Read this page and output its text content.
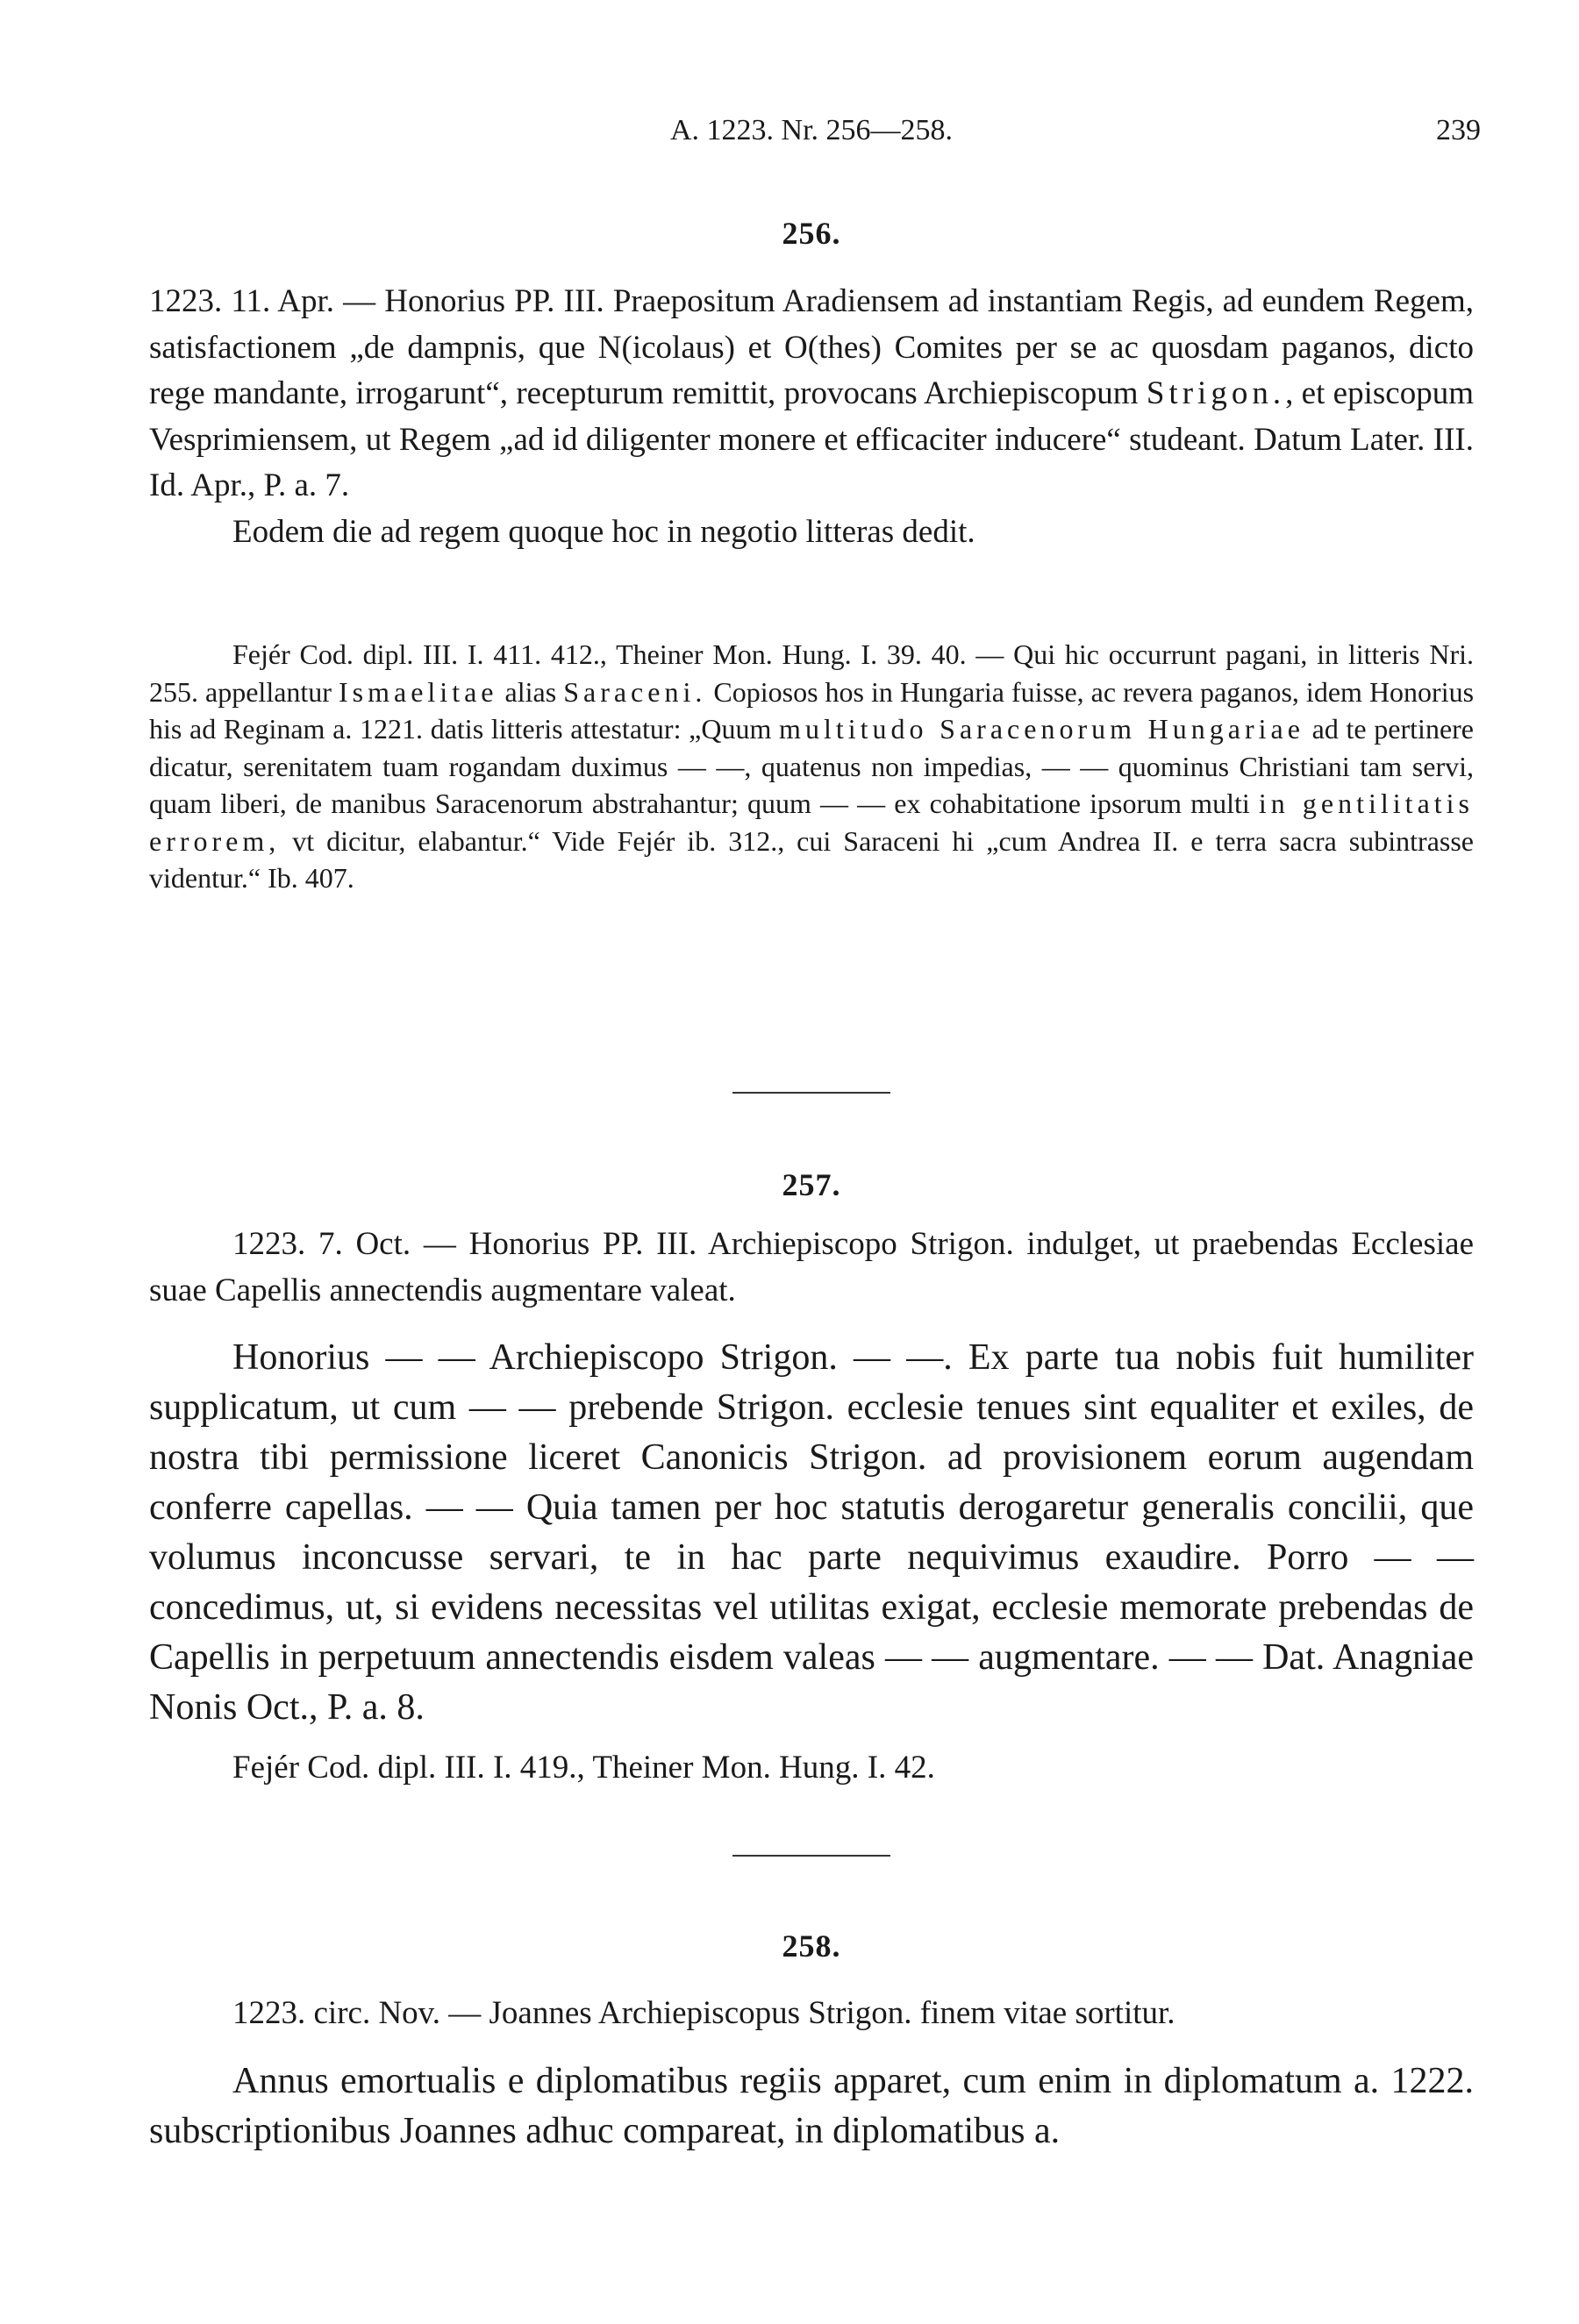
A. 1223. Nr. 256—258.	239
256.

1223. 11. Apr. — Honorius PP. III. Praepositum Aradiensem ad instantiam Regis, ad eundem Regem, satisfactionem „de dampnis, que N(icolaus) et O(thes) Comites per se ac quosdam paganos, dicto rege mandante, irrogarunt“, recepturum remittit, provocans Archiepiscopum Strigon., et episcopum Vesprimiensem, ut Regem „ad id diligenter monere et efficaciter inducere“ studeant. Datum Later. III. Id. Apr., P. a. 7.

Eodem die ad regem quoque hoc in negotio litteras dedit.

Fejér Cod. dipl. III. I. 411. 412., Theiner Mon. Hung. I. 39. 40. — Qui hic occurrunt pagani, in litteris Nri. 255. appellantur Ismaelitae alias Saraceni. Copiosos hos in Hungaria fuisse, ac revera paganos, idem Honorius his ad Reginam a. 1221. datis litteris attestatur: „Quum multitudo Saracenorum Hungariae ad te pertinere dicatur, serenitatem tuam rogandam duximus — —, quatenus non impedias, — — quominus Christiani tam servi, quam liberi, de manibus Saracenorum abstrahantur; quum — — ex cohabitatione ipsorum multi in gentilitatis errorem, vt dicitur, elabantur.“ Vide Fejér ib. 312., cui Saraceni hi „cum Andrea II. e terra sacra subintrasse videntur.“ Ib. 407.

257.

1223. 7. Oct. — Honorius PP. III. Archiepiscopo Strigon. indulget, ut praebendas Ecclesiae suae Capellis annectendis augmentare valeat.

Honorius — — Archiepiscopo Strigon. — —. Ex parte tua nobis fuit humiliter supplicatum, ut cum — — prebende Strigon. ecclesie tenues sint equaliter et exiles, de nostra tibi permissione liceret Canonicis Strigon. ad provisionem eorum augendam conferre capellas. — — Quia tamen per hoc statutis derogaretur generalis concilii, que volumus inconcusse servari, te in hac parte nequivimus exaudire. Porro — — concedimus, ut, si evidens necessitas vel utilitas exigat, ecclesie memorate prebendas de Capellis in perpetuum annectendis eisdem valeas — — augmentare. — — Dat. Anagniae Nonis Oct., P. a. 8.

Fejér Cod. dipl. III. I. 419., Theiner Mon. Hung. I. 42.

258.

1223. circ. Nov. — Joannes Archiepiscopus Strigon. finem vitae sortitur.

Annus emortualis e diplomatibus regiis apparet, cum enim in diplomatum a. 1222. subscriptionibus Joannes adhuc compareat, in diplomatibus a.
